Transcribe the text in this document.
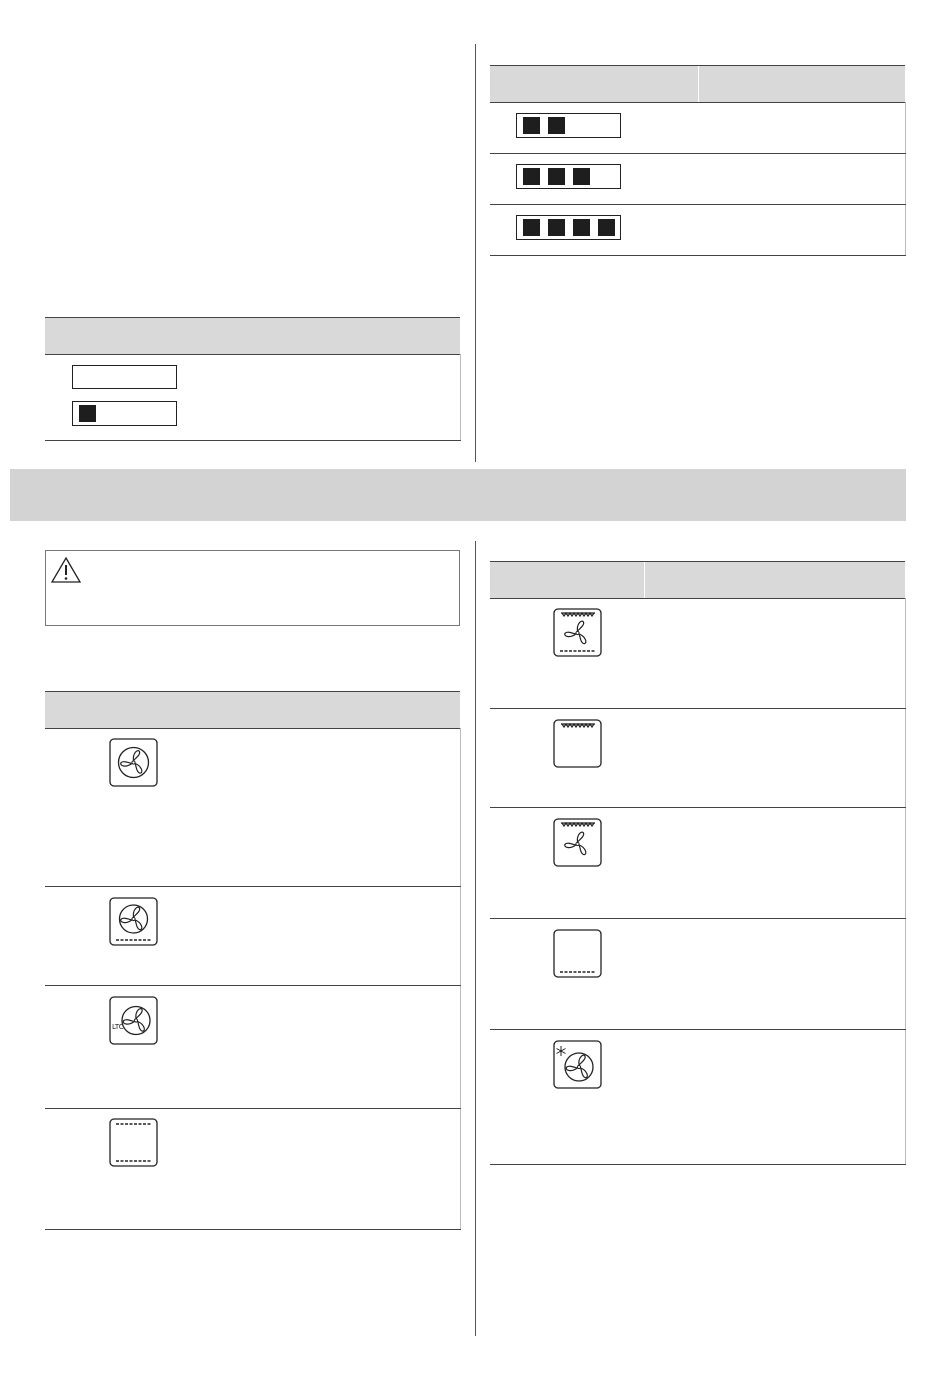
LTC
